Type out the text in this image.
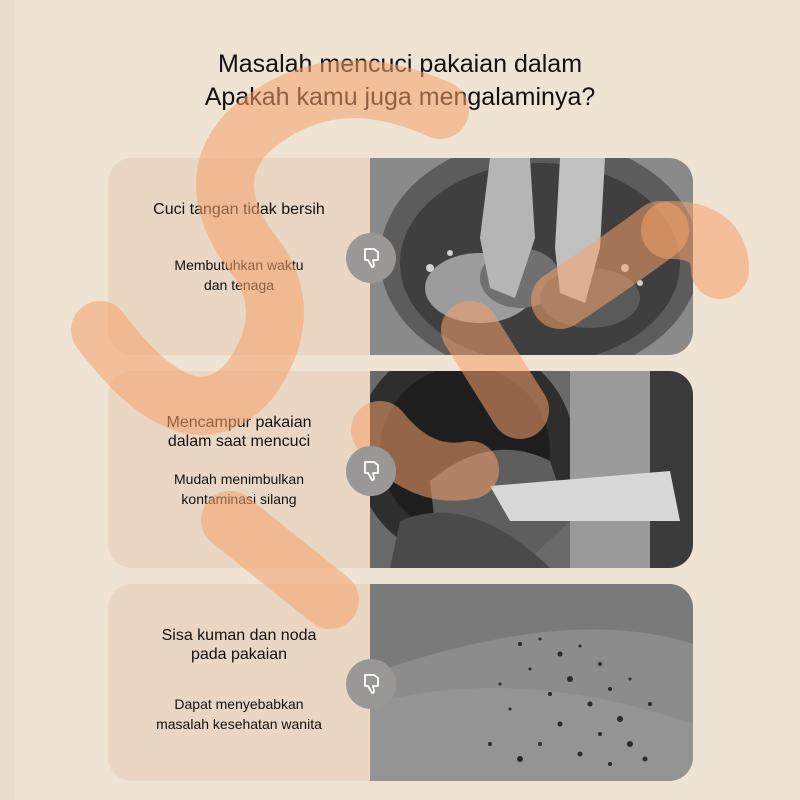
Masalah mencuci pakaian dalam
Apakah kamu juga mengalaminya?
Cuci tangan tidak bersih
Membutuhkan waktu
dan tenaga
Mencampur pakaian
dalam saat mencuci
Mudah menimbulkan
kontaminasi silang
Sisa kuman dan noda
pada pakaian
Dapat menyebabkan
masalah kesehatan wanita
